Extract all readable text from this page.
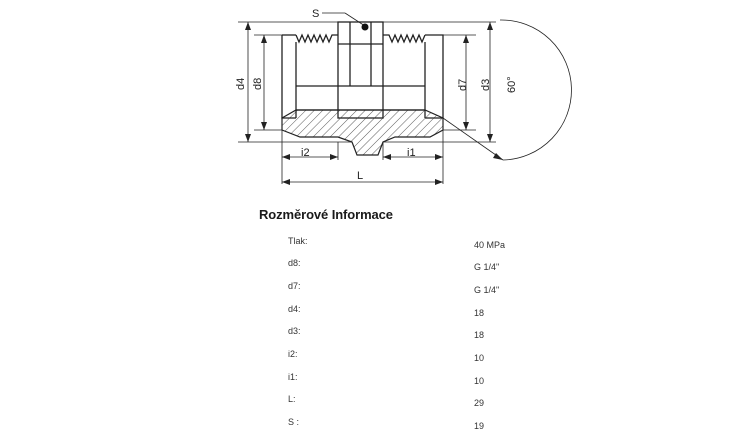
S
d4 d8	d7 d3 60°
i2	i1
L
Rozměrové Informace
Tlak:	40 MPa
d8:	G 1/4"
d7:	G 1/4"
d4:	18
d3:	18
i2:	10
i1:	10
L:	29
S :	19
